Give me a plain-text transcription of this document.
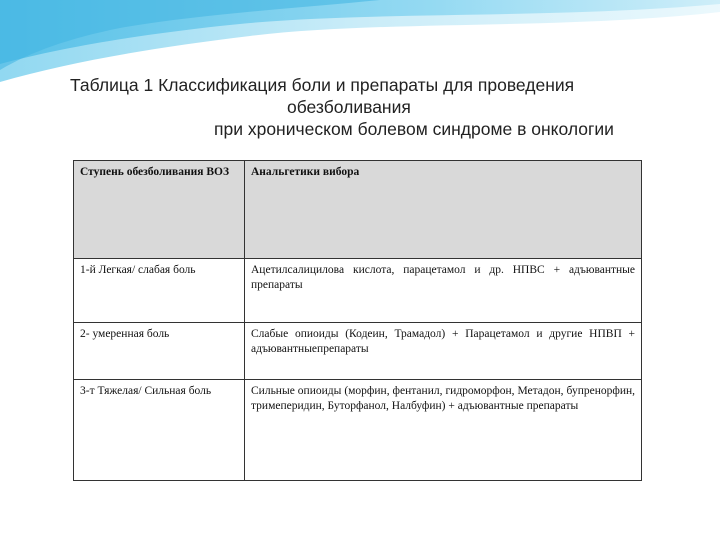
Таблица 1 Классификация боли и препараты для проведения
обезболивания
при хроническом болевом синдроме в онкологии
Ступень обезболивания ВОЗ	Анальгетики вибора
1-й Легкая/ слабая боль	Ацетилсалициловa кислота, парацетамол и др. НПВС + адъювантные препараты
2- умеренная боль	Слабые опиоиды (Кодеин, Трамадол) + Парацетамол и другие НПВП + адъювантныепрепараты
3-т Тяжелая/ Сильная боль	Сильные опиоиды (морфин, фентанил, гидроморфон, Метадон, бупренорфин, тримеперидин, Буторфанол, Налбуфин) + адъювантные препараты
